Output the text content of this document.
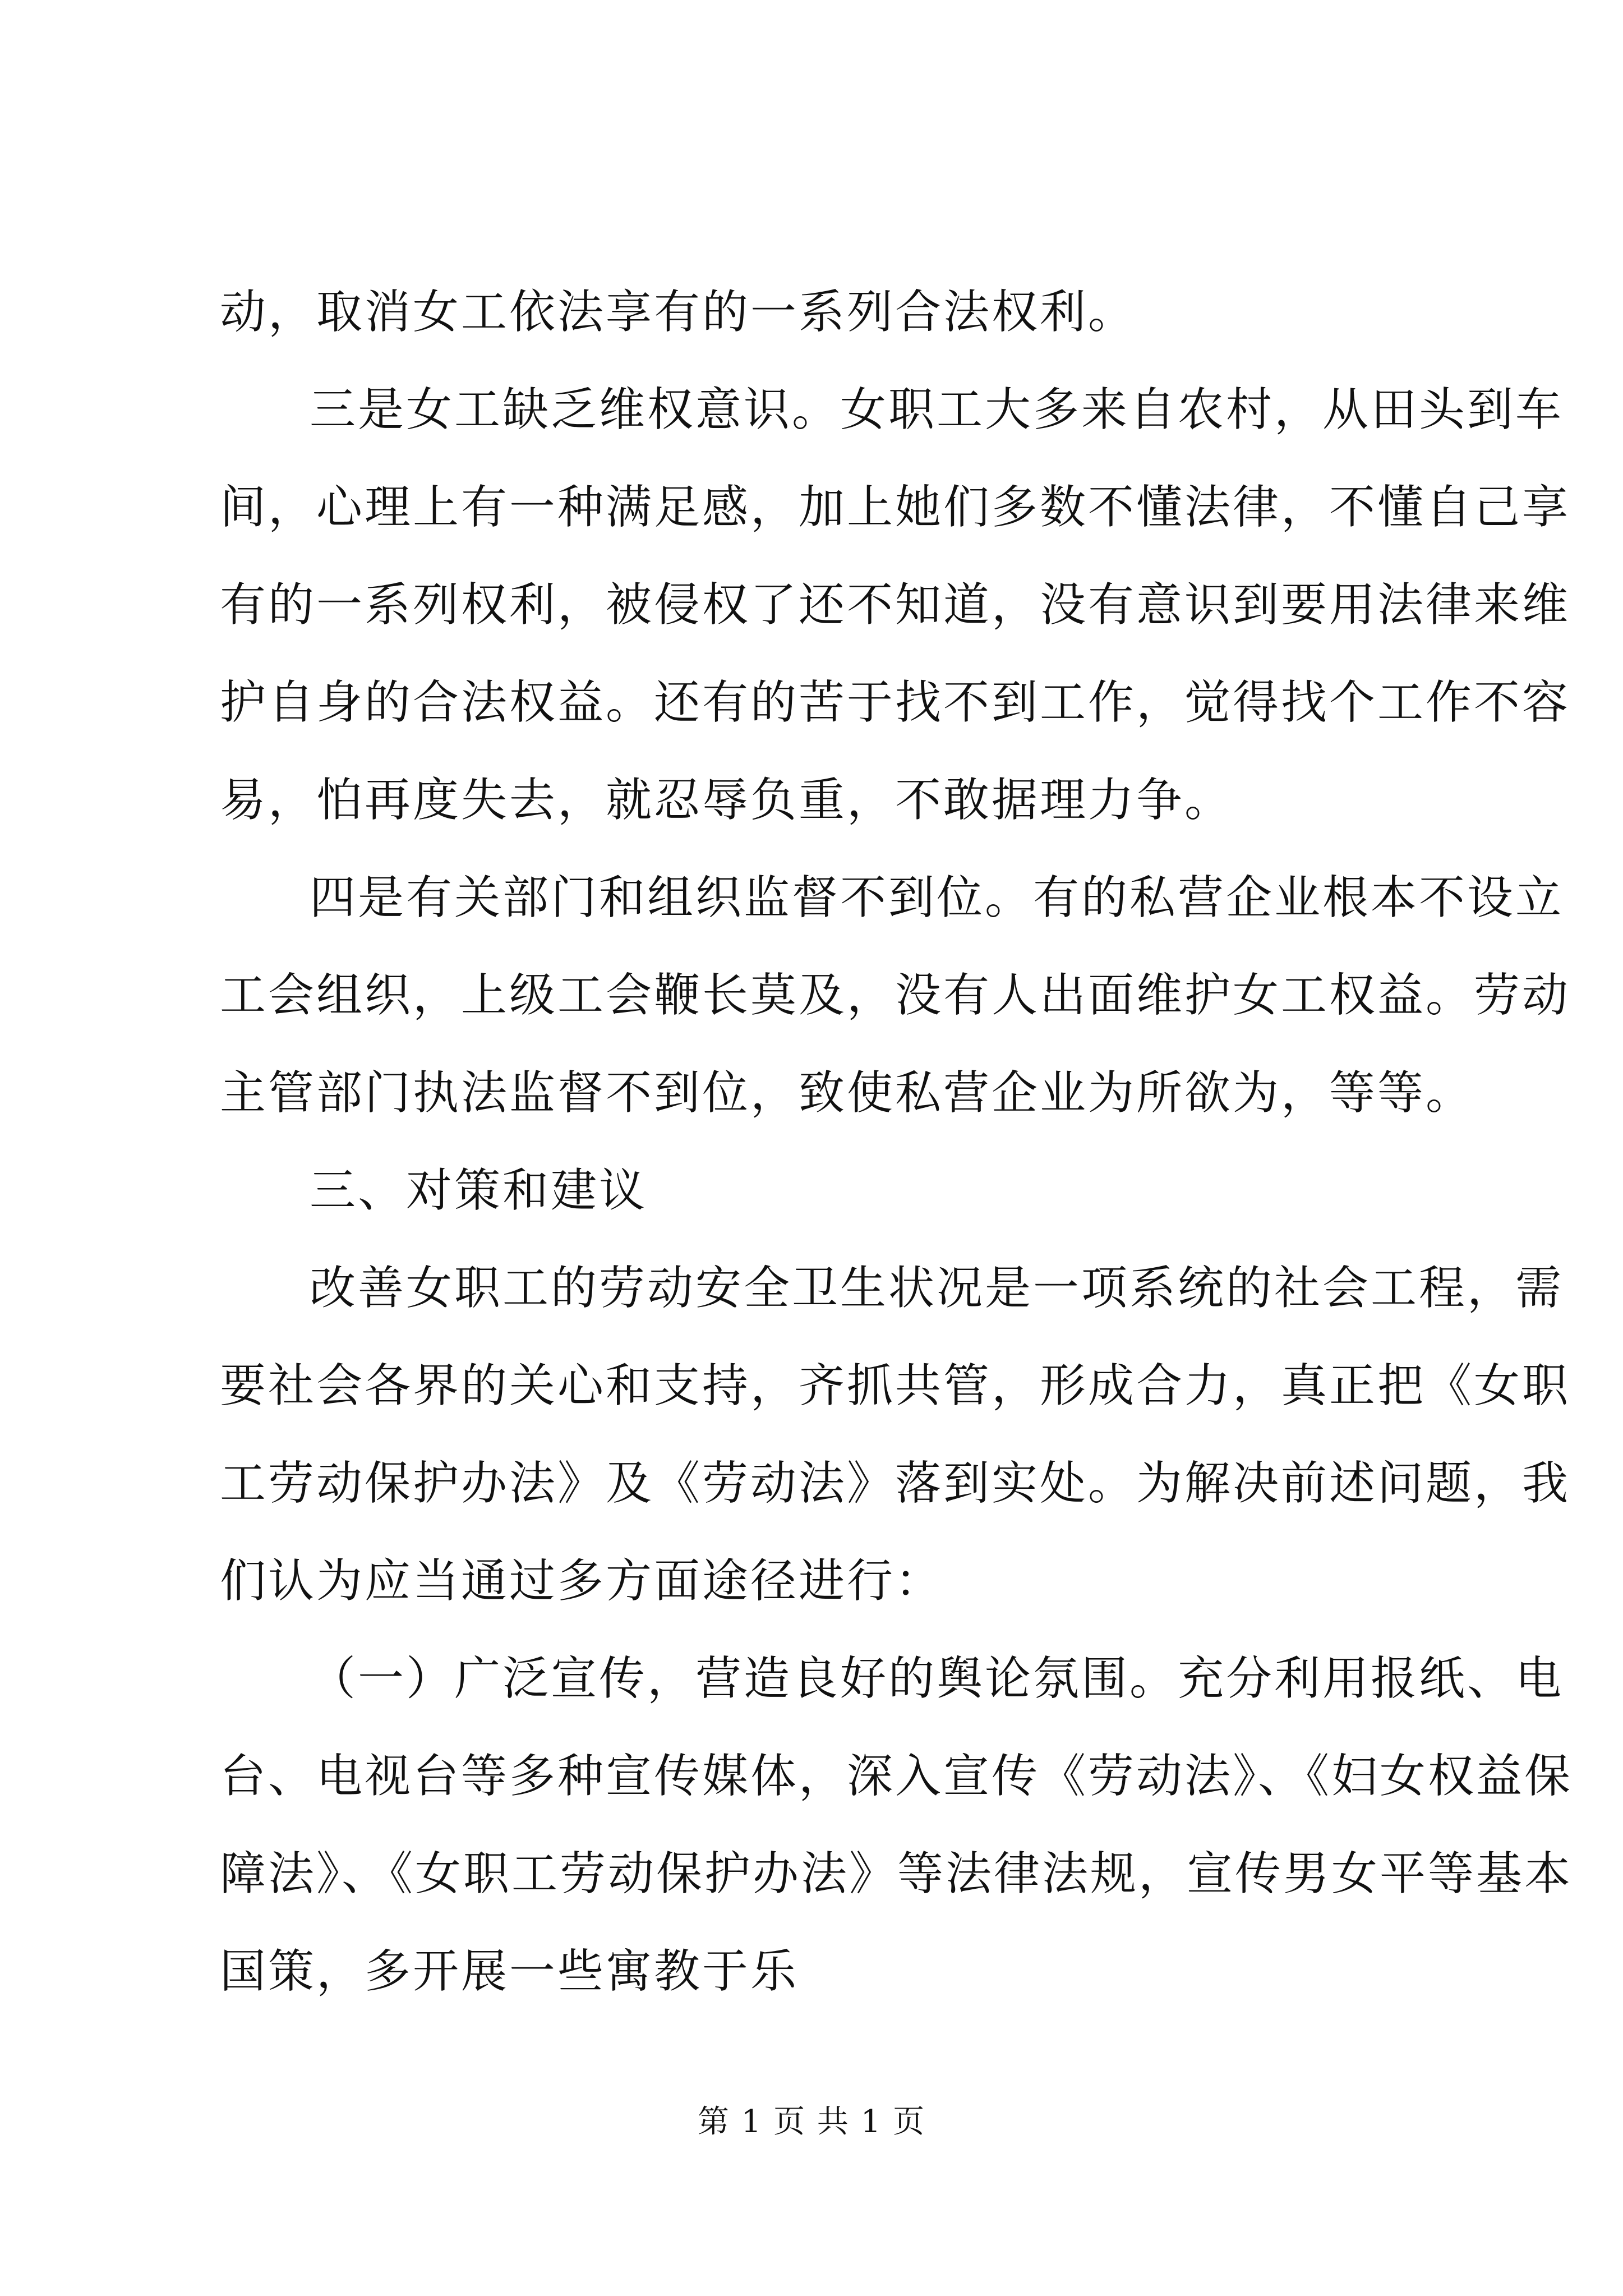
动，取消女工依法享有的一系列合法权利。
三是女工缺乏维权意识。女职工大多来自农村，从田头到车
间，心理上有一种满足感，加上她们多数不懂法律，不懂自己享
有的一系列权利，被侵权了还不知道，没有意识到要用法律来维
护自身的合法权益。还有的苦于找不到工作，觉得找个工作不容
易，怕再度失去，就忍辱负重，不敢据理力争。
四是有关部门和组织监督不到位。有的私营企业根本不设立
工会组织，上级工会鞭长莫及，没有人出面维护女工权益。劳动
主管部门执法监督不到位，致使私营企业为所欲为，等等。
三、对策和建议
改善女职工的劳动安全卫生状况是一项系统的社会工程，需
要社会各界的关心和支持，齐抓共管，形成合力，真正把《女职
工劳动保护办法》及《劳动法》落到实处。为解决前述问题，我
们认为应当通过多方面途径进行：
（一）广泛宣传，营造良好的舆论氛围。充分利用报纸、电
台、电视台等多种宣传媒体，深入宣传《劳动法》、《妇女权益保
障法》、《女职工劳动保护办法》等法律法规，宣传男女平等基本
国策，多开展一些寓教于乐
第 1 页 共 1 页
